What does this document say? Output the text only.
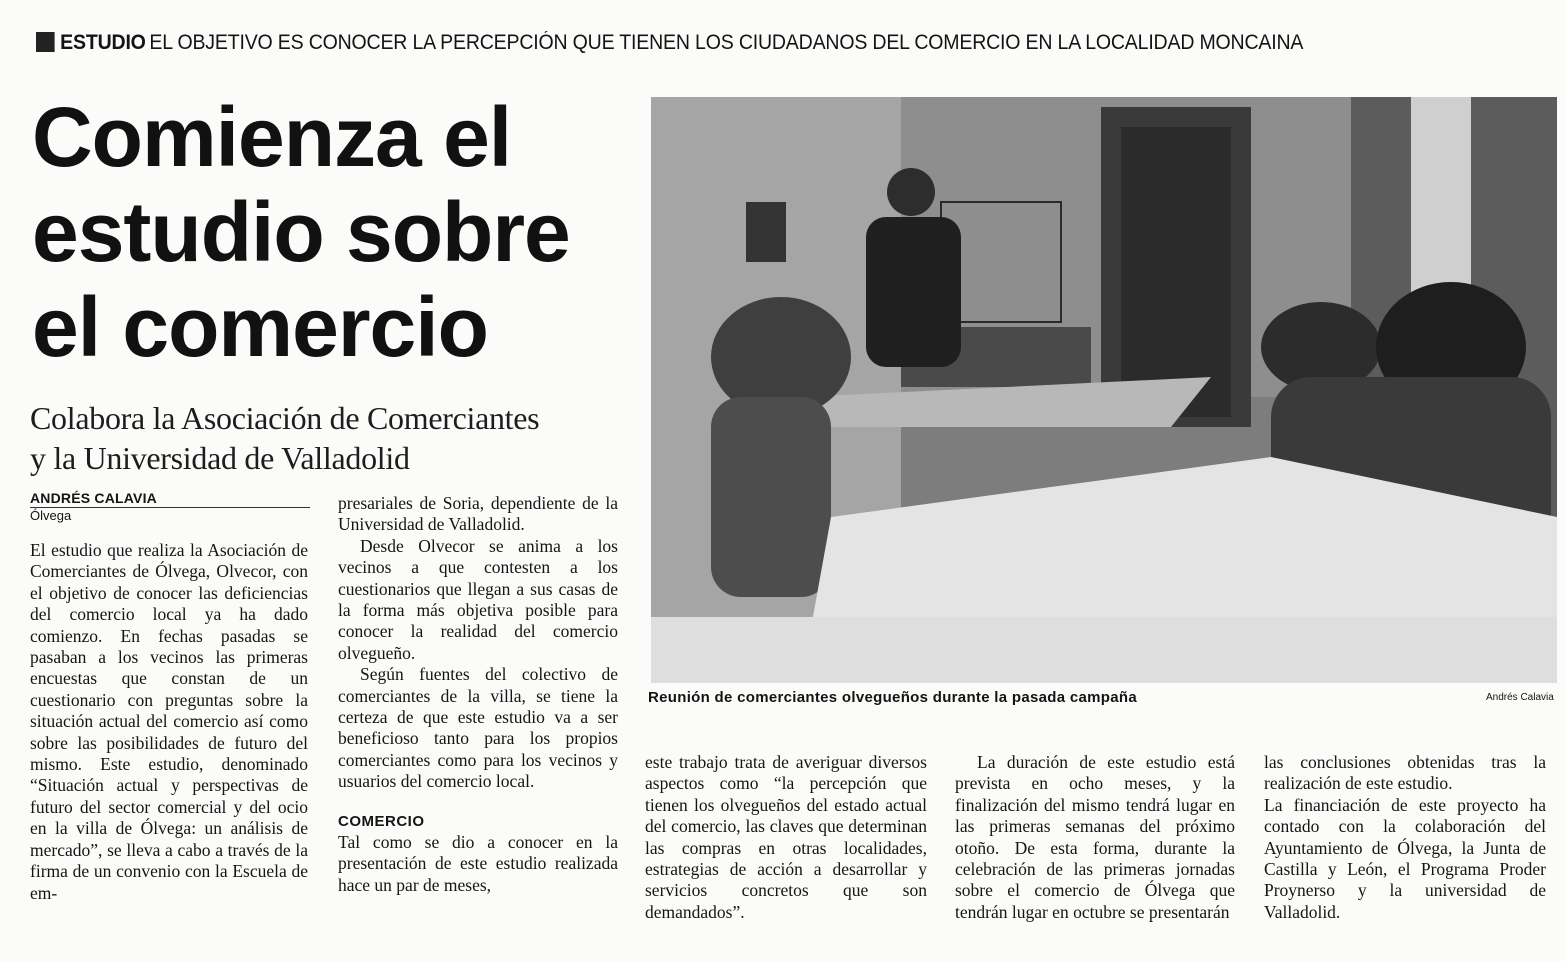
ESTUDIO EL OBJETIVO ES CONOCER LA PERCEPCIÓN QUE TIENEN LOS CIUDADANOS DEL COMERCIO EN LA LOCALIDAD MONCAINA
Comienza el
estudio sobre
el comercio
Colabora la Asociación de Comerciantes
y la Universidad de Valladolid
ANDRÉS CALAVIA
Ólvega

El estudio que realiza la Asociación de Comerciantes de Ólvega, Olvecor, con el objetivo de conocer las deficiencias del comercio local ya ha dado comienzo. En fechas pasadas se pasaban a los vecinos las primeras encuestas que constan de un cuestionario con preguntas sobre la situación actual del comercio así como sobre las posibilidades de futuro del mismo. Este estudio, denominado “Situación actual y perspectivas de futuro del sector comercial y del ocio en la villa de Ólvega: un análisis de mercado”, se lleva a cabo a través de la firma de un convenio con la Escuela de em-

presariales de Soria, dependiente de la Universidad de Valladolid.

Desde Olvecor se anima a los vecinos a que contesten a los cuestionarios que llegan a sus casas de la forma más objetiva posible para conocer la realidad del comercio olvegueño.

Según fuentes del colectivo de comerciantes de la villa, se tiene la certeza de que este estudio va a ser beneficioso tanto para los propios comerciantes como para los vecinos y usuarios del comercio local.

COMERCIO

Tal como se dio a conocer en la presentación de este estudio realizada hace un par de meses,

Reunión de comerciantes olvegueños durante la pasada campaña	Andrés Calavia

este trabajo trata de averiguar diversos aspectos como “la percepción que tienen los olvegueños del estado actual del comercio, las claves que determinan las compras en otras localidades, estrategias de acción a desarrollar y servicios concretos que son demandados”.

La duración de este estudio está prevista en ocho meses, y la finalización del mismo tendrá lugar en las primeras semanas del próximo otoño. De esta forma, durante la celebración de las primeras jornadas sobre el comercio de Ólvega que tendrán lugar en octubre se presentarán

las conclusiones obtenidas tras la realización de este estudio.

La financiación de este proyecto ha contado con la colaboración del Ayuntamiento de Ólvega, la Junta de Castilla y León, el Programa Proder Proynerso y la universidad de Valladolid.
